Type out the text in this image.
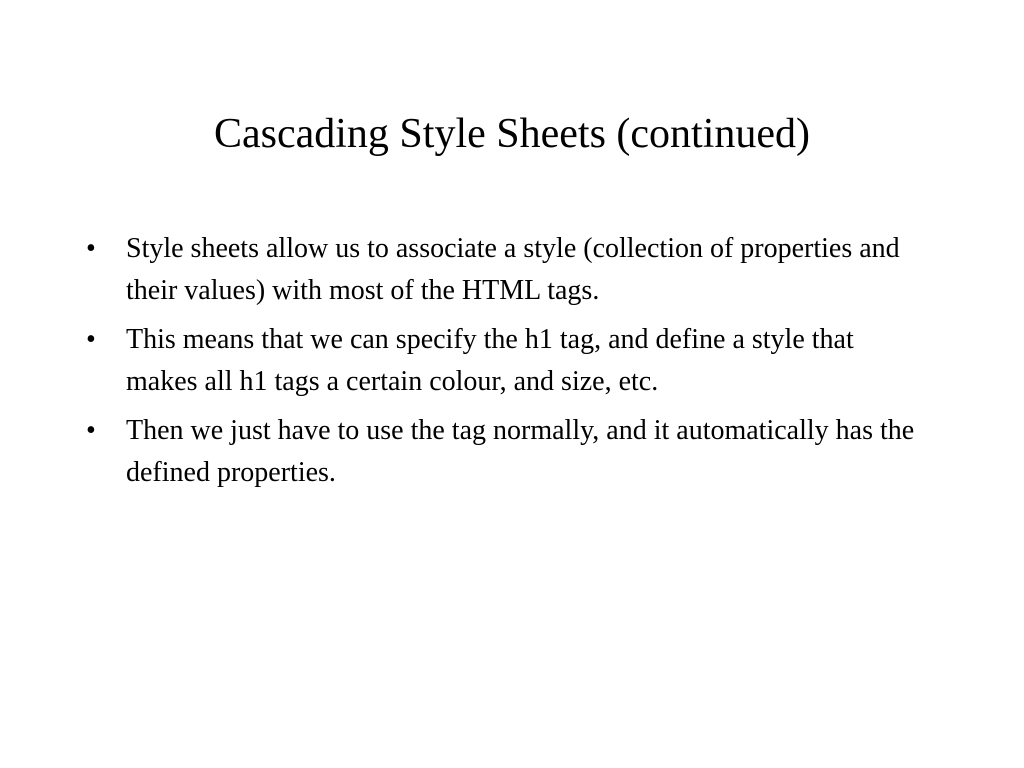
Cascading Style Sheets (continued)
•	Style sheets allow us to associate a style (collection of properties and their values) with most of the HTML tags.
•	This means that we can specify the h1 tag, and define a style that makes all h1 tags a certain colour, and size, etc.
•	Then we just have to use the tag normally, and it automatically has the defined properties.
